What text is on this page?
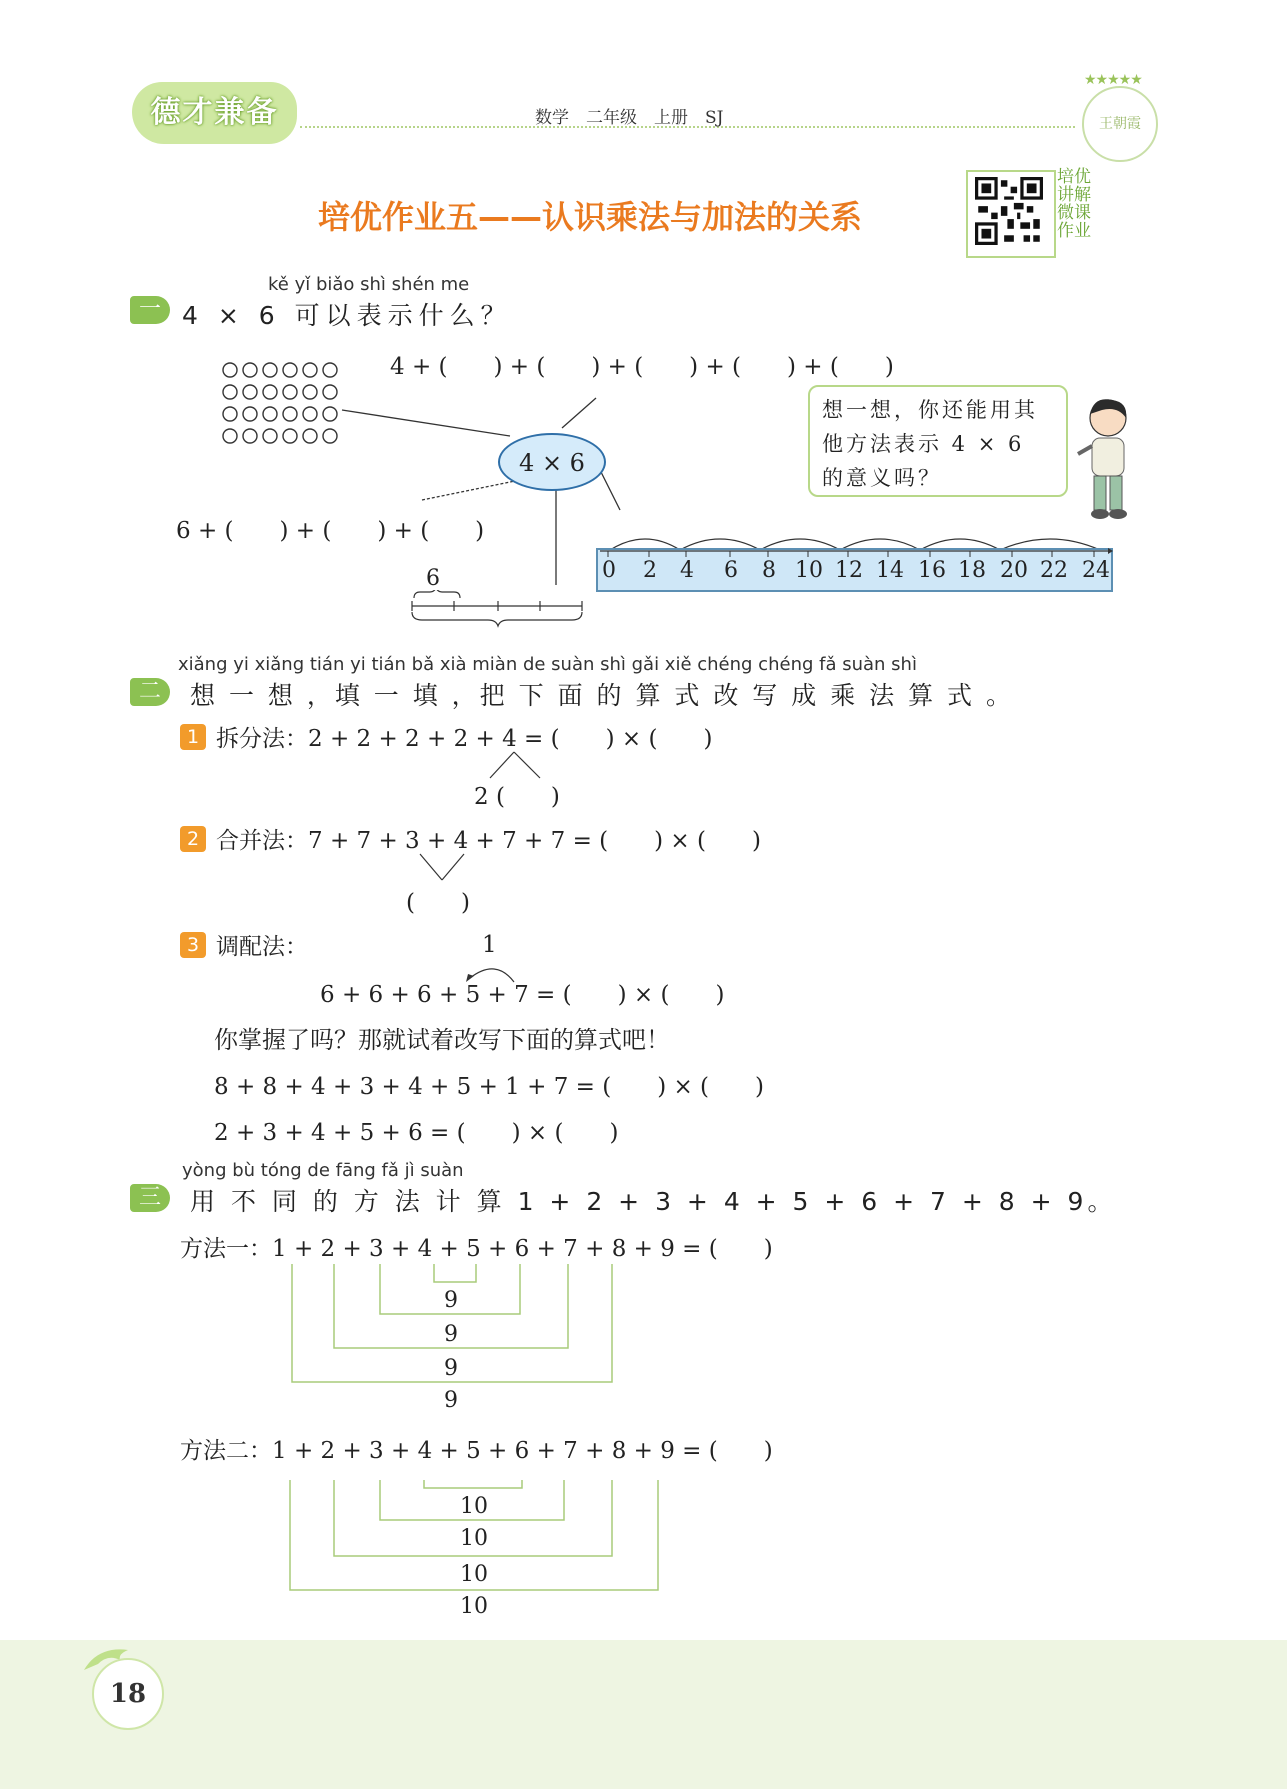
德才兼备	数学　二年级　上册　SJ
★★★★★
王朝霞
培优作业五——认识乘法与加法的关系
培优讲解微课作业
kě yǐ biǎo shì shén me
一 4 × 6 可以表示什么？
4 + (　　) + (　　) + (　　) + (　　) + (　　)
6 + (　　) + (　　) + (　　)
4 × 6
想一想，你还能用其他方法表示 4 × 6 的意义吗？
0 2 4 6 8 10 12 14 16 18 20 22 24
6
xiǎng yi xiǎng tián yi tián bǎ xià miàn de suàn shì gǎi xiě chéng chéng fǎ suàn shì
二	想 一 想 ，填 一 填 ，把 下 面 的 算 式 改 写 成 乘 法 算 式 。
1 拆分法：2 + 2 + 2 + 2 + 4 = (　　) × (　　)
2 (　　)
2 合并法：7 + 7 + 3 + 4 + 7 + 7 = (　　) × (　　)
(　　)
3 调配法：	1
6 + 6 + 6 + 5 + 7 = (　　) × (　　)
你掌握了吗？那就试着改写下面的算式吧！
8 + 8 + 4 + 3 + 4 + 5 + 1 + 7 = (　　) × (　　)
2 + 3 + 4 + 5 + 6 = (　　) × (　　)
yòng bù tóng de fāng fǎ jì suàn
三	用 不 同 的 方 法 计 算 1 + 2 + 3 + 4 + 5 + 6 + 7 + 8 + 9。
方法一：1 + 2 + 3 + 4 + 5 + 6 + 7 + 8 + 9 = (　　)
9
9
9
9
方法二：1 + 2 + 3 + 4 + 5 + 6 + 7 + 8 + 9 = (　　)
10
10
10
10
18
